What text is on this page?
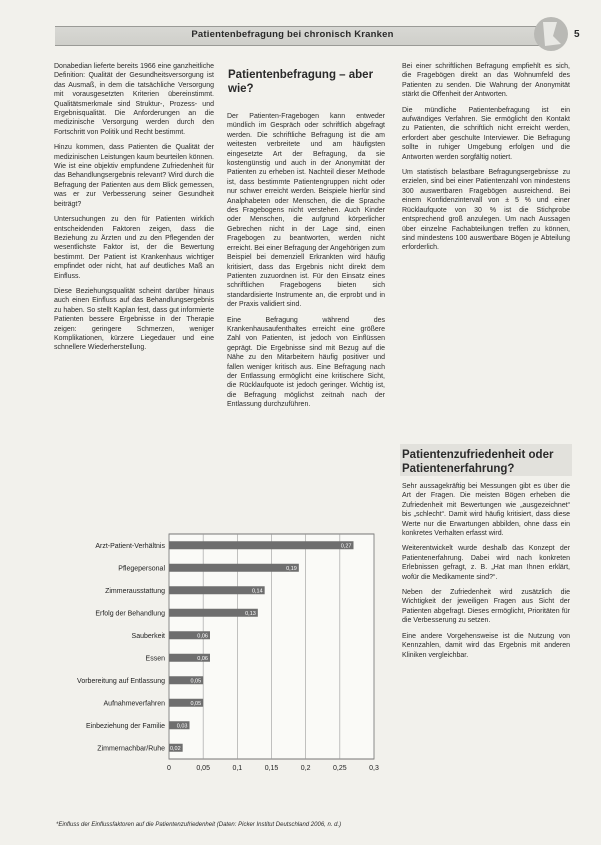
Patientenbefragung bei chronisch Kranken	5

Donabedian lieferte bereits 1966 eine ganzheitliche Definition: Qualität der Gesundheitsversorgung ist das Ausmaß, in dem die tatsächliche Versorgung mit vorausgesetzten Kriterien übereinstimmt. Qualitätsmerkmale sind Struktur-, Prozess- und Ergebnisqualität. Die Anforderungen an die medizinische Versorgung werden durch den Fortschritt von Politik und Recht bestimmt.

Hinzu kommen, dass Patienten die Qualität der medizinischen Leistungen kaum beurteilen können. Wie ist eine objektiv empfundene Zufriedenheit für das Behandlungsergebnis relevant? Wird durch die Befragung der Patienten aus dem Blick gemessen, was er zur Verbesserung seiner Gesundheit beiträgt?

Untersuchungen zu den für Patienten wirklich entscheidenden Faktoren zeigen, dass die Beziehung zu Ärzten und zu den Pflegenden der wesentlichste Faktor ist, der die Bewertung bestimmt. Der Patient ist Krankenhaus wichtiger empfindet oder nicht, hat auf deutliches Maß an Einfluss.

Diese Beziehungsqualität scheint darüber hinaus auch einen Einfluss auf das Behandlungsergebnis zu haben. So stellt Kaplan fest, dass gut informierte Patienten bessere Ergebnisse in der Therapie zeigen: geringere Schmerzen, weniger Komplikationen, kürzere Liegedauer und eine schnellere Wiederherstellung.

Patientenbefragung – aber wie?

Der Patienten-Fragebogen kann entweder mündlich im Gespräch oder schriftlich abgefragt werden. Die schriftliche Befragung ist die am weitesten verbreitete und am häufigsten eingesetzte Art der Befragung, da sie kostengünstig und auch in der Anonymität der Patienten zu erheben ist. Nachteil dieser Methode ist, dass bestimmte Patientengruppen nicht oder nur schwer erreicht werden. Beispiele hierfür sind Analphabeten oder Menschen, die die Sprache des Fragebogens nicht verstehen. Auch Kinder oder Menschen, die aufgrund körperlicher Gebrechen nicht in der Lage sind, einen Fragebogen zu beantworten, werden nicht erreicht. Bei einer Befragung der Angehörigen zum Beispiel bei demenziell Erkrankten wird häufig kritisiert, dass das Ergebnis nicht direkt dem Patienten zuzuordnen ist. Für den Einsatz eines schriftlichen Fragebogens bieten sich standardisierte Instrumente an, die erprobt und in der Praxis validiert sind.

Eine Befragung während des Krankenhausaufenthaltes erreicht eine größere Zahl von Patienten, ist jedoch von Einflüssen geprägt. Die Ergebnisse sind mit Bezug auf die Nähe zu den Mitarbeitern häufig positiver und fallen weniger kritisch aus. Eine Befragung nach der Entlassung ermöglicht eine kritischere Sicht, die Rücklaufquote ist jedoch geringer. Wichtig ist, die Befragung möglichst zeitnah nach der Entlassung durchzuführen.

Bei einer schriftlichen Befragung empfiehlt es sich, die Fragebögen direkt an das Wohnumfeld des Patienten zu senden. Die Wahrung der Anonymität stärkt die Offenheit der Antworten.

Die mündliche Patientenbefragung ist ein aufwändiges Verfahren. Sie ermöglicht den Kontakt zu Patienten, die schriftlich nicht erreicht werden, erfordert aber geschulte Interviewer. Die Befragung sollte in ruhiger Umgebung erfolgen und die Antworten werden sorgfältig notiert.

Um statistisch belastbare Befragungsergebnisse zu erzielen, sind bei einer Patientenzahl von mindestens 300 auswertbaren Fragebögen ausreichend. Bei einem Konfidenzintervall von ± 5 % und einer Rücklaufquote von 30 % ist die Stichprobe entsprechend groß anzulegen. Um nach Aussagen über einzelne Fachabteilungen treffen zu können, sind mindestens 100 auswertbare Bögen je Abteilung erforderlich.

Patientenzufriedenheit oder Patientenerfahrung?

Sehr aussagekräftig bei Messungen gibt es über die Art der Fragen. Die meisten Bögen erheben die Zufriedenheit mit Bewertungen wie „ausgezeichnet“ bis „schlecht“. Damit wird häufig kritisiert, dass diese Werte nur die Erwartungen abbilden, ohne dass ein konkretes Verhalten erfasst wird.

Weiterentwickelt wurde deshalb das Konzept der Patientenerfahrung. Dabei wird nach konkreten Erlebnissen gefragt, z. B. „Hat man Ihnen erklärt, wofür die Medikamente sind?“.

Neben der Zufriedenheit wird zusätzlich die Wichtigkeit der jeweiligen Fragen aus Sicht der Patienten abgefragt. Dieses ermöglicht, Prioritäten für die Verbesserung zu setzen.

Eine andere Vorgehensweise ist die Nutzung von Kennzahlen, damit wird das Ergebnis mit anderen Kliniken vergleichbar.

0	0,05	0,1	0,15	0,2	0,25	0,3
Arzt-Patient-Verhältnis	0,27
Pflegepersonal	0,19
Zimmerausstattung	0,14
Erfolg der Behandlung	0,13
Sauberkeit	0,06
Essen	0,06
Vorbereitung auf Entlassung	0,05
Aufnahmeverfahren	0,05
Einbeziehung der Familie 0,03
Zimmernachbar/Ruhe 0,02
*Einfluss der Einflussfaktoren auf die Patientenzufriedenheit (Daten: Picker Institut Deutschland 2006, n. d.)
